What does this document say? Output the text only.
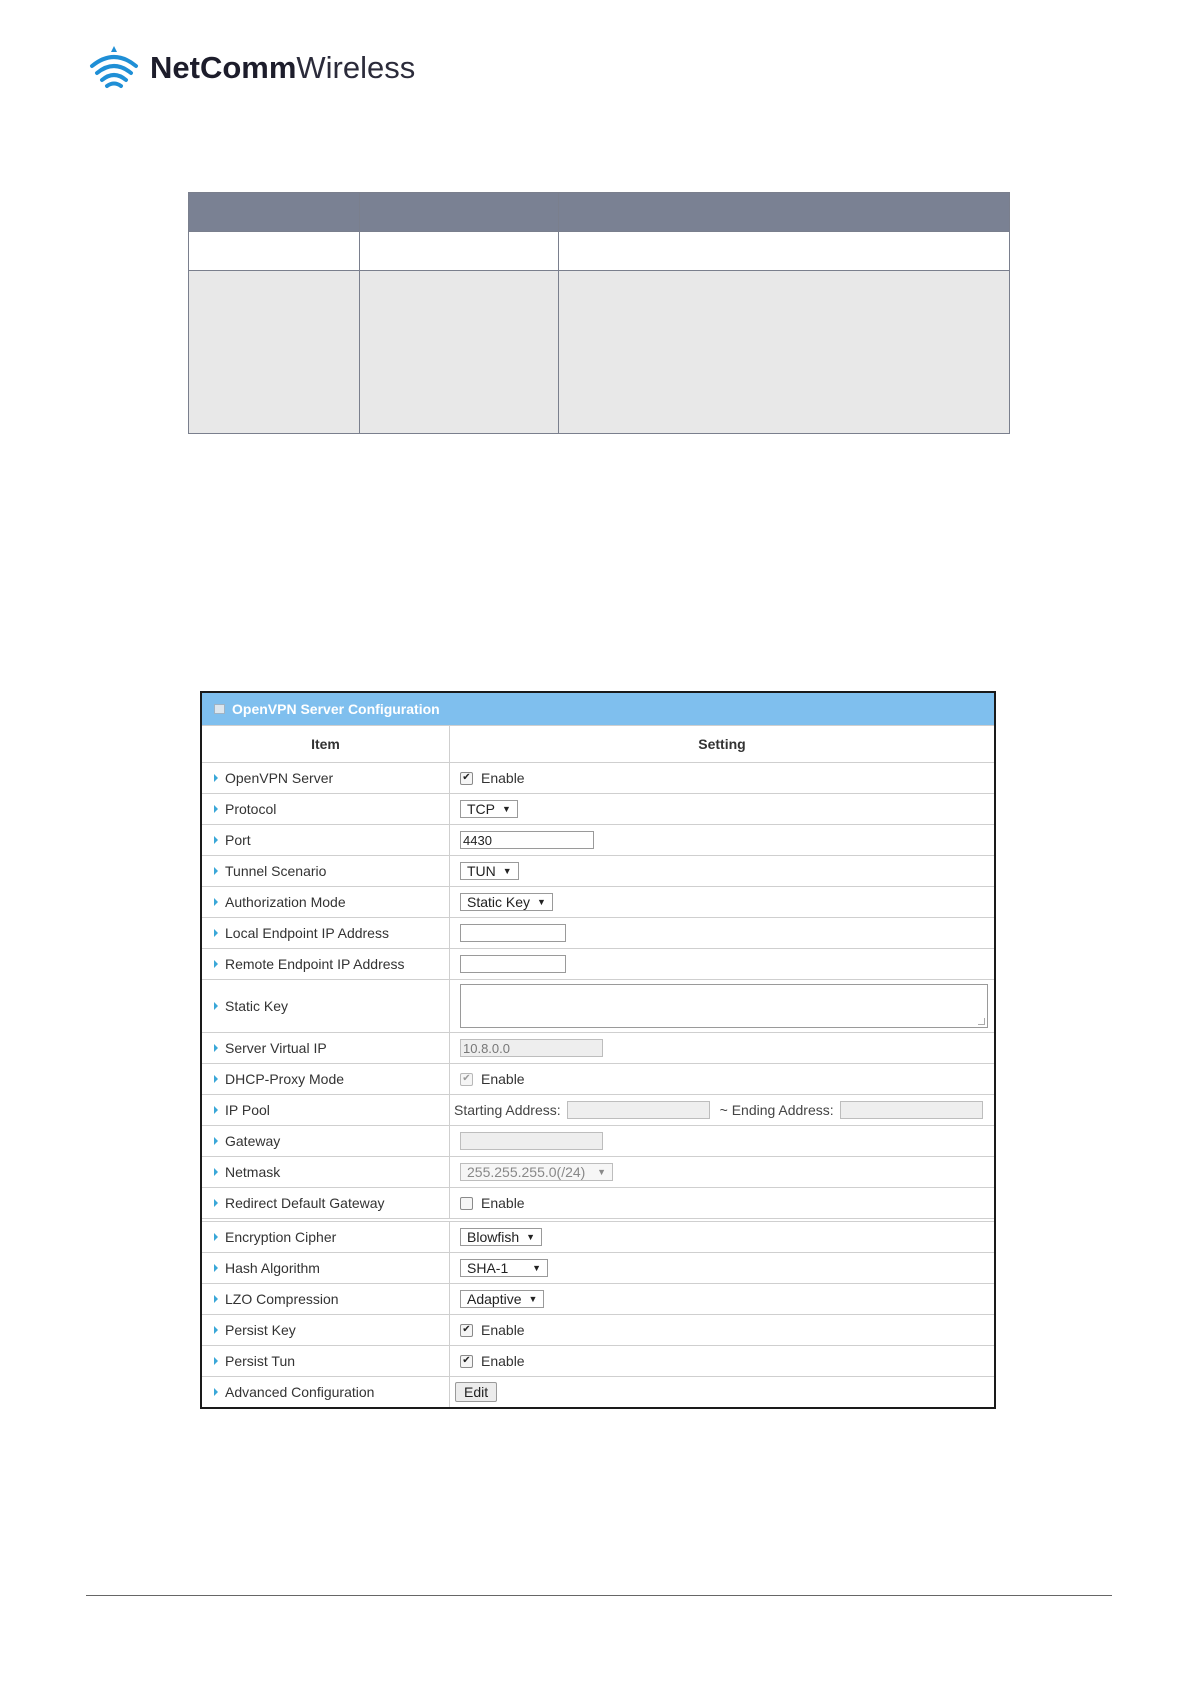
NetCommWireless

OpenVPN Server Configuration
Item	Setting

OpenVPN Server	✔ Enable

Protocol	TCP ▼

Port	4430

Tunnel Scenario	TUN ▼

Authorization Mode	Static Key ▼

Local Endpoint IP Address	

Remote Endpoint IP Address	

Static Key	

Server Virtual IP	10.8.0.0

DHCP-Proxy Mode	✔ Enable

IP Pool	Starting Address: ~ Ending Address:

Gateway	

Netmask	255.255.255.0(/24) ▼

Redirect Default Gateway	Enable

Encryption Cipher	Blowfish ▼

Hash Algorithm	SHA-1 ▼

LZO Compression	Adaptive ▼

Persist Key	✔ Enable

Persist Tun	✔ Enable

Advanced Configuration	Edit
